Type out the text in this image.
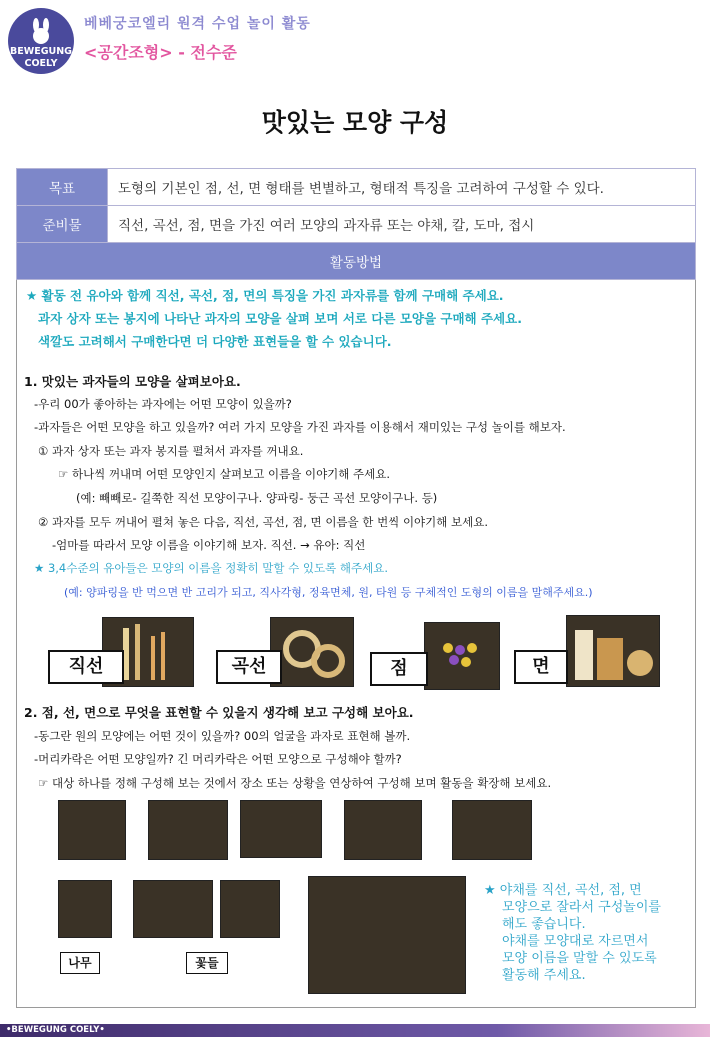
BEWEGUNG
COELY
베베궁코엘리 원격 수업 놀이 활동
<공간조형> - 전수준
맛있는 모양 구성
목표	도형의 기본인 점, 선, 면 형태를 변별하고, 형태적 특징을 고려하여 구성할 수 있다.
준비물	직선, 곡선, 점, 면을 가진 여러 모양의 과자류 또는 야채, 칼, 도마, 접시
활동방법	
★ 활동 전 유아와 함께 직선, 곡선, 점, 면의 특징을 가진 과자류를 함께 구매해 주세요.
과자 상자 또는 봉지에 나타난 과자의 모양을 살펴 보며 서로 다른 모양을 구매해 주세요.
색깔도 고려해서 구매한다면 더 다양한 표현들을 할 수 있습니다.
1. 맛있는 과자들의 모양을 살펴보아요.
-우리 00가 좋아하는 과자에는 어떤 모양이 있을까?
-과자들은 어떤 모양을 하고 있을까? 여러 가지 모양을 가진 과자를 이용해서 재미있는 구성 놀이를 해보자.
① 과자 상자 또는 과자 봉지를 펼쳐서 과자를 꺼내요.
☞ 하나씩 꺼내며 어떤 모양인지 살펴보고 이름을 이야기해 주세요.
(예: 빼빼로- 길쭉한 직선 모양이구나. 양파링- 둥근 곡선 모양이구나. 등)
② 과자를 모두 꺼내어 펼쳐 놓은 다음, 직선, 곡선, 점, 면 이름을 한 번씩 이야기해 보세요.
-엄마를 따라서 모양 이름을 이야기해 보자. 직선. → 유아: 직선
★ 3,4수준의 유아들은 모양의 이름을 정확히 말할 수 있도록 해주세요.
(예: 양파링을 반 먹으면 반 고리가 되고, 직사각형, 정육면체, 원, 타원 등 구체적인 도형의 이름을 말해주세요.)
직선	곡선	점	면
2. 점, 선, 면으로 무엇을 표현할 수 있을지 생각해 보고 구성해 보아요.
-동그란 원의 모양에는 어떤 것이 있을까? 00의 얼굴을 과자로 표현해 볼까.
-머리카락은 어떤 모양일까? 긴 머리카락은 어떤 모양으로 구성해야 할까?
☞ 대상 하나를 정해 구성해 보는 것에서 장소 또는 상황을 연상하여 구성해 보며 활동을 확장해 보세요.
나무	꽃들
★ 야채를 직선, 곡선, 점, 면
모양으로 잘라서 구성놀이를
해도 좋습니다.
야채를 모양대로 자르면서
모양 이름을 말할 수 있도록
활동해 주세요.
•BEWEGUNG COELY•
